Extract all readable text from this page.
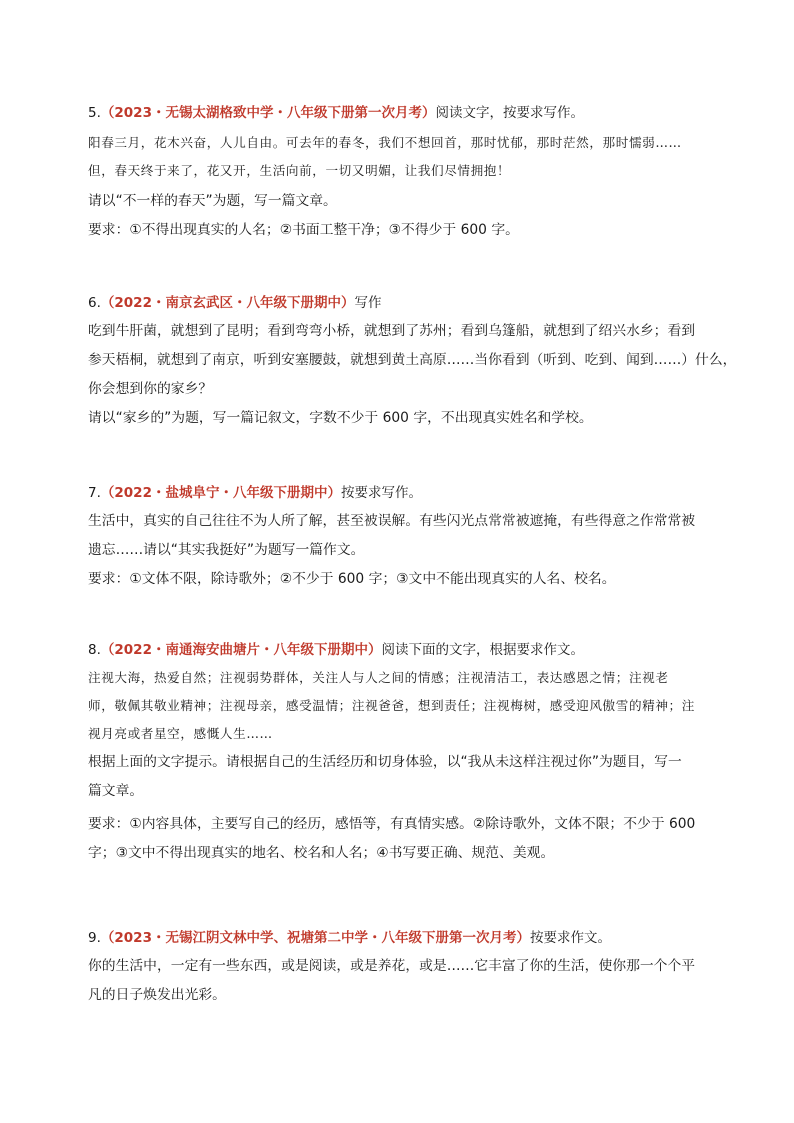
5.（2023・无锡太湖格致中学・八年级下册第一次月考）阅读文字，按要求写作。
阳春三月，花木兴奋，人儿自由。可去年的春冬，我们不想回首，那时忧郁，那时茫然，那时懦弱……
但，春天终于来了，花又开，生活向前，一切又明媚，让我们尽情拥抱！
请以“不一样的春天”为题，写一篇文章。
要求：①不得出现真实的人名；②书面工整干净；③不得少于 600 字。
6.（2022・南京玄武区・八年级下册期中）写作
吃到牛肝菌，就想到了昆明；看到弯弯小桥，就想到了苏州；看到乌篷船，就想到了绍兴水乡；看到
参天梧桐，就想到了南京，听到安塞腰鼓，就想到黄土高原……当你看到（听到、吃到、闻到……）什么，
你会想到你的家乡？
请以“家乡的”为题，写一篇记叙文，字数不少于 600 字，不出现真实姓名和学校。
7.（2022・盐城阜宁・八年级下册期中）按要求写作。
生活中，真实的自己往往不为人所了解，甚至被误解。有些闪光点常常被遮掩，有些得意之作常常被
遗忘……请以“其实我挺好”为题写一篇作文。
要求：①文体不限，除诗歌外；②不少于 600 字；③文中不能出现真实的人名、校名。
8.（2022・南通海安曲塘片・八年级下册期中）阅读下面的文字，根据要求作文。
注视大海，热爱自然；注视弱势群体，关注人与人之间的情感；注视清洁工，表达感恩之情；注视老
师，敬佩其敬业精神；注视母亲，感受温情；注视爸爸，想到责任；注视梅树，感受迎风傲雪的精神；注
视月亮或者星空，感慨人生……
根据上面的文字提示。请根据自己的生活经历和切身体验，以“我从未这样注视过你”为题目，写一
篇文章。
要求：①内容具体，主要写自己的经历，感悟等，有真情实感。②除诗歌外，文体不限；不少于 600
字；③文中不得出现真实的地名、校名和人名；④书写要正确、规范、美观。
9.（2023・无锡江阴文林中学、祝塘第二中学・八年级下册第一次月考）按要求作文。
你的生活中，一定有一些东西，或是阅读，或是养花，或是……它丰富了你的生活，使你那一个个平
凡的日子焕发出光彩。
